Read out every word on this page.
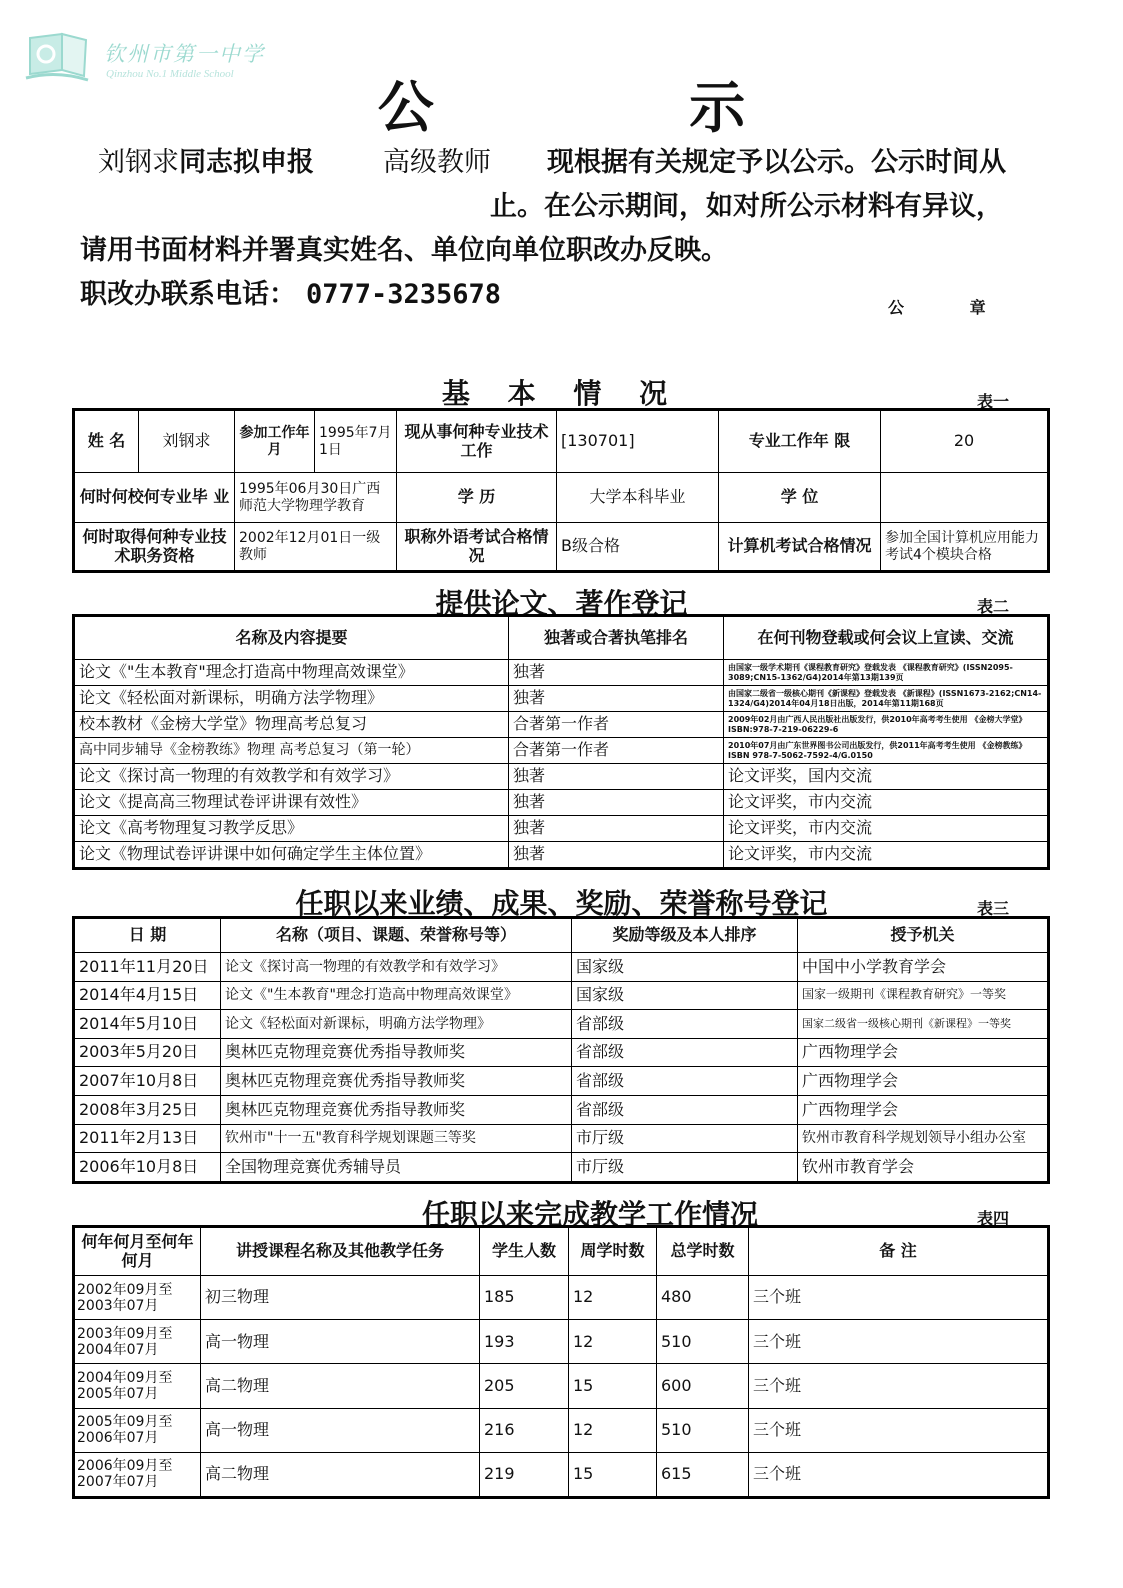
钦州市第一中学
Qinzhou No.1 Middle School
公 示
刘钢求同志拟申报	高级教师 现根据有关规定予以公示。公示时间从
止。在公示期间，如对所公示材料有异议，
请用书面材料并署真实姓名、单位向单位职改办反映。
职改办联系电话： 0777-3235678	公 章
基 本 情 况	表一
姓 名	刘钢求	参加工作年 月	1995年7月1日	现从事何种专业技术工作	[130701]	专业工作年 限	20
何时何校何专业毕 业		1995年06月30日广西师范大学物理学教育		学 历	大学本科毕业	学 位	
何时取得何种专业技术职务资格		2002年12月01日一级教师		职称外语考试合格情况	B级合格	计算机考试合格情况	参加全国计算机应用能力考试4个模块合格
提供论文、著作登记	表二
名称及内容提要	独著或合著执笔排名	在何刊物登载或何会议上宣读、交流
论文《"生本教育"理念打造高中物理高效课堂》	独著	由国家一级学术期刊《课程教育研究》登载发表 《课程教育研究》(ISSN2095-3089;CN15-1362/G4)2014年第13期139页
论文《轻松面对新课标，明确方法学物理》	独著	由国家二级省一级核心期刊《新课程》登载发表 《新课程》(ISSN1673-2162;CN14-1324/G4)2014年04月18日出版，2014年第11期168页
校本教材《金榜大学堂》物理高考总复习	合著第一作者	2009年02月由广西人民出版社出版发行，供2010年高考考生使用 《金榜大学堂》ISBN:978-7-219-06229-6
高中同步辅导《金榜教练》物理 高考总复习（第一轮）	合著第一作者	2010年07月由广东世界图书公司出版发行，供2011年高考考生使用 《金榜教练》ISBN 978-7-5062-7592-4/G.0150
论文《探讨高一物理的有效教学和有效学习》	独著	论文评奖，国内交流
论文《提高高三物理试卷评讲课有效性》	独著	论文评奖，市内交流
论文《高考物理复习教学反思》	独著	论文评奖，市内交流
论文《物理试卷评讲课中如何确定学生主体位置》	独著	论文评奖，市内交流
任职以来业绩、成果、奖励、荣誉称号登记	表三
日 期	名称（项目、课题、荣誉称号等）	奖励等级及本人排序	授予机关
2011年11月20日	论文《探讨高一物理的有效教学和有效学习》	国家级	中国中小学教育学会
2014年4月15日	论文《"生本教育"理念打造高中物理高效课堂》	国家级	国家一级期刊《课程教育研究》一等奖
2014年5月10日	论文《轻松面对新课标，明确方法学物理》	省部级	国家二级省一级核心期刊《新课程》一等奖
2003年5月20日	奥林匹克物理竞赛优秀指导教师奖	省部级	广西物理学会
2007年10月8日	奥林匹克物理竞赛优秀指导教师奖	省部级	广西物理学会
2008年3月25日	奥林匹克物理竞赛优秀指导教师奖	省部级	广西物理学会
2011年2月13日	钦州市"十一五"教育科学规划课题三等奖	市厅级	钦州市教育科学规划领导小组办公室
2006年10月8日	全国物理竞赛优秀辅导员	市厅级	钦州市教育学会
任职以来完成教学工作情况	表四
何年何月至何年何月	讲授课程名称及其他教学任务	学生人数	周学时数	总学时数	备 注
2002年09月至2003年07月	初三物理	185	12	480	三个班
2003年09月至2004年07月	高一物理	193	12	510	三个班
2004年09月至2005年07月	高二物理	205	15	600	三个班
2005年09月至2006年07月	高一物理	216	12	510	三个班
2006年09月至2007年07月	高二物理	219	15	615	三个班
